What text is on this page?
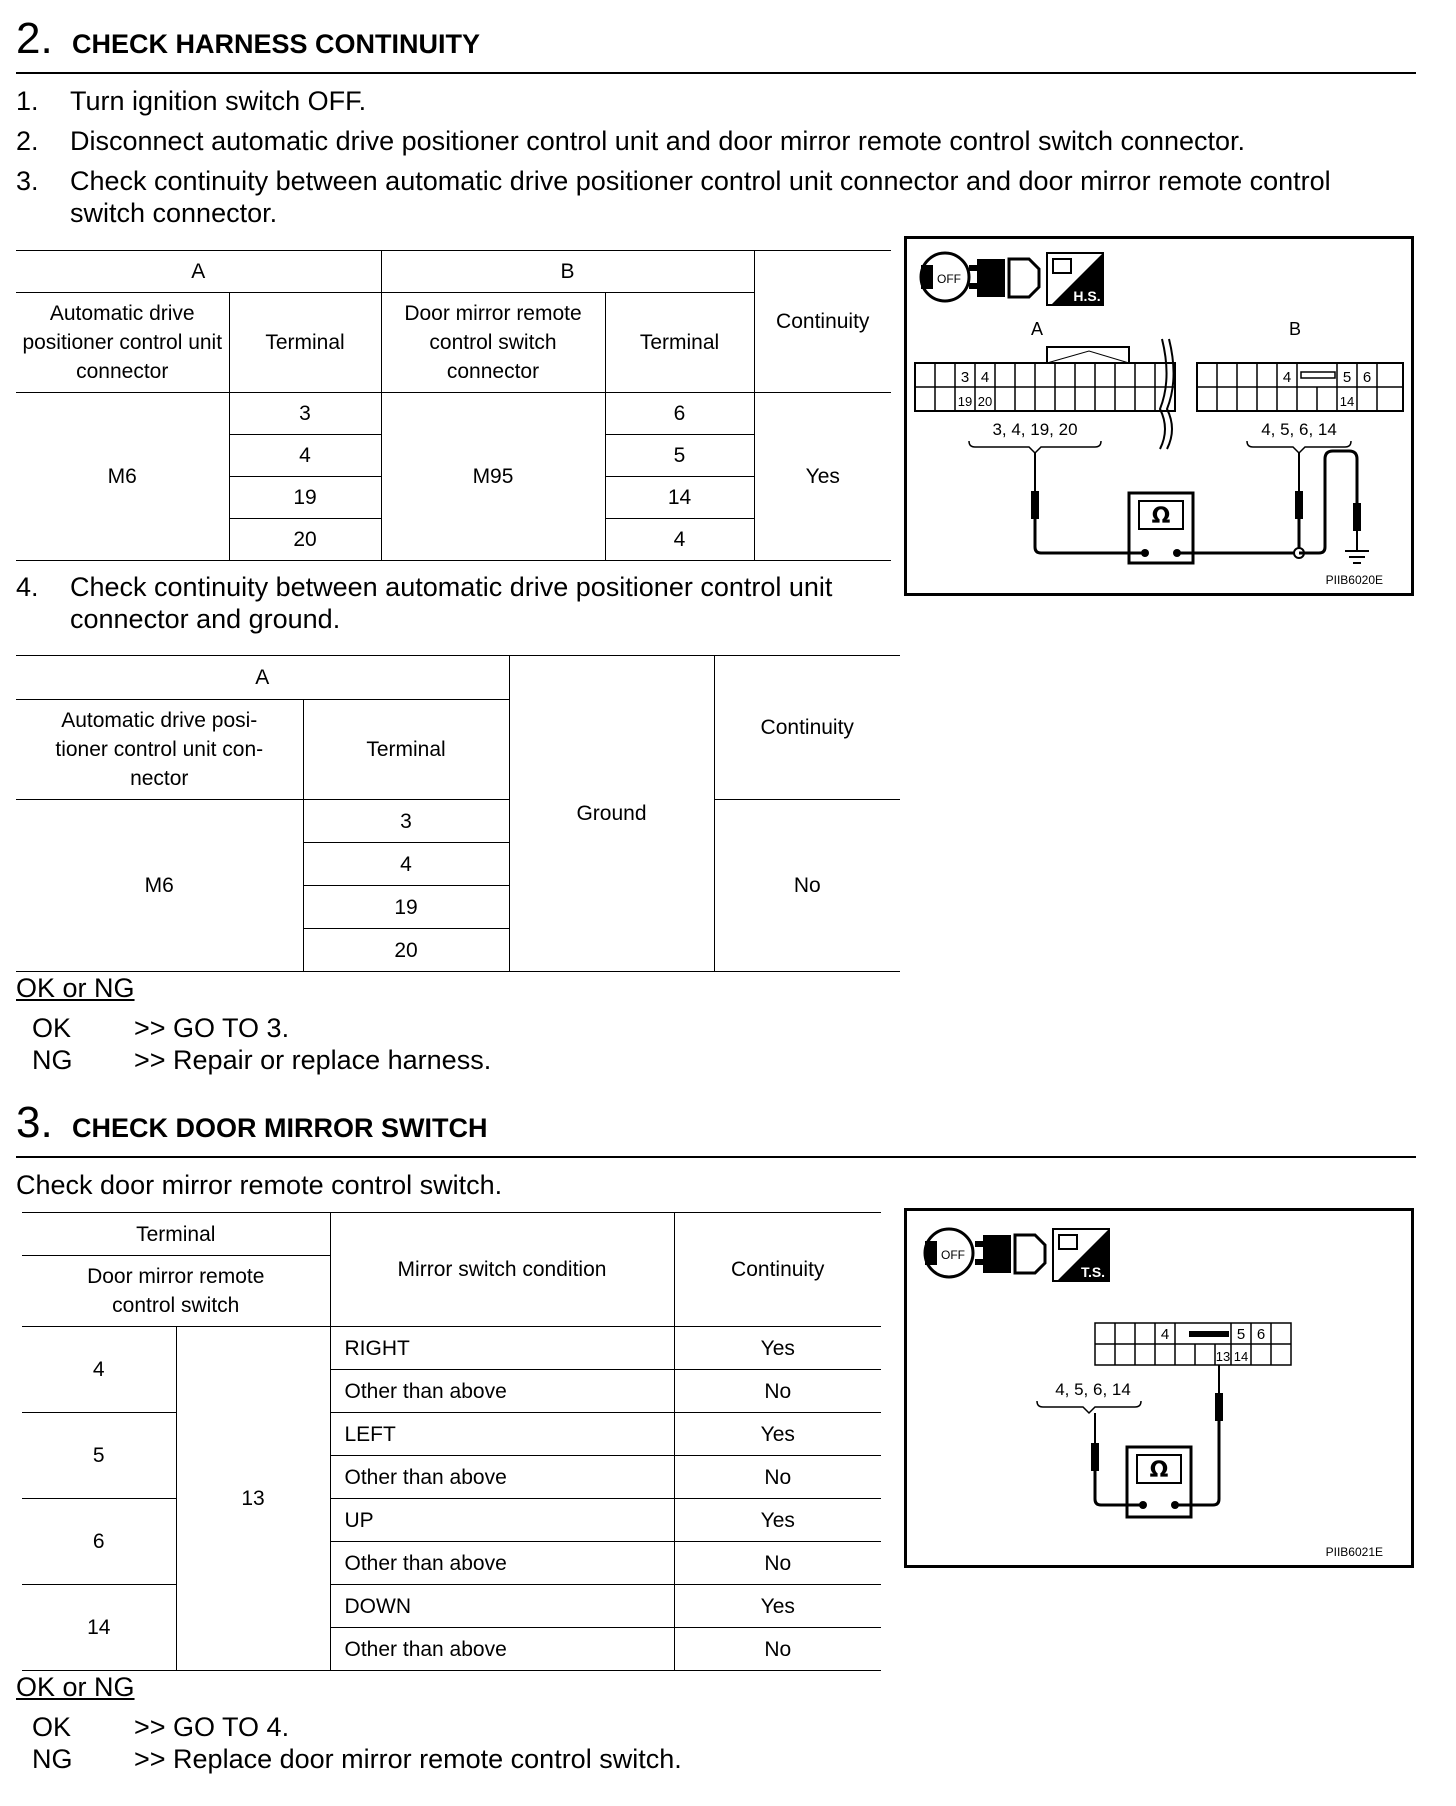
2. CHECK HARNESS CONTINUITY
1. Turn ignition switch OFF.
2. Disconnect automatic drive positioner control unit and door mirror remote control switch connector.
3. Check continuity between automatic drive positioner control unit connector and door mirror remote control
switch connector.
A		B		Continuity
Automatic drive positioner control unit connector	Terminal	Door mirror remote control switch connector	Terminal	
M6	3	M95	6	Yes
	4		5	
	19		14	
	20		4	
OFF
H.S.
A	B
3 4
19 20
4	5 6
14
3, 4, 19, 20	4, 5, 6, 14
Ω
PIIB6020E
4. Check continuity between automatic drive positioner control unit
connector and ground.
A		Ground	Continuity
Automatic drive posi-
tioner control unit con-
nector	Terminal		
M6	3		No
	4		
	19		
	20		
OK or NG
OK >> GO TO 3.
NG >> Repair or replace harness.
3. CHECK DOOR MIRROR SWITCH
Check door mirror remote control switch.
Terminal		Mirror switch condition	Continuity
Door mirror remote
control switch			
4	13	RIGHT	Yes
		Other than above	No
5		LEFT	Yes
		Other than above	No
6		UP	Yes
		Other than above	No
14		DOWN	Yes
		Other than above	No
OFF
T.S.
4	5 6
13 14
4, 5, 6, 14
Ω
PIIB6021E
OK or NG
OK >> GO TO 4.
NG >> Replace door mirror remote control switch.
